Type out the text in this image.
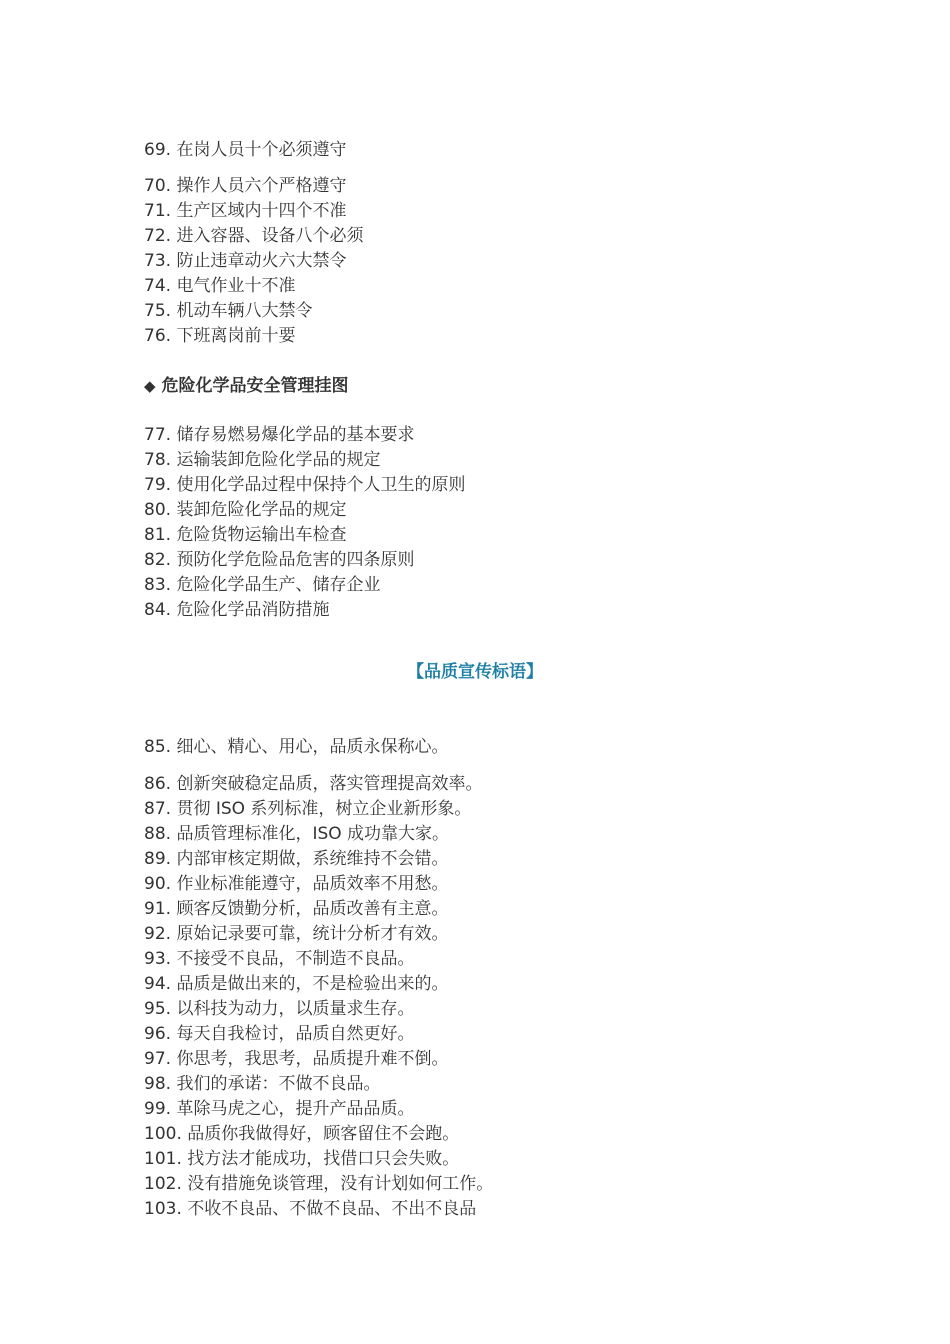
69. 在岗人员十个必须遵守
70. 操作人员六个严格遵守
71. 生产区域内十四个不准
72. 进入容器、设备八个必须
73. 防止违章动火六大禁令
74. 电气作业十不准
75. 机动车辆八大禁令
76. 下班离岗前十要
◆ 危险化学品安全管理挂图
77. 储存易燃易爆化学品的基本要求
78. 运输装卸危险化学品的规定
79. 使用化学品过程中保持个人卫生的原则
80. 装卸危险化学品的规定
81. 危险货物运输出车检查
82. 预防化学危险品危害的四条原则
83. 危险化学品生产、储存企业
84. 危险化学品消防措施
【品质宣传标语】
85. 细心、精心、用心，品质永保称心。
86. 创新突破稳定品质，落实管理提高效率。
87. 贯彻 ISO 系列标准，树立企业新形象。
88. 品质管理标准化，ISO 成功靠大家。
89. 内部审核定期做，系统维持不会错。
90. 作业标准能遵守，品质效率不用愁。
91. 顾客反馈勤分析，品质改善有主意。
92. 原始记录要可靠，统计分析才有效。
93. 不接受不良品，不制造不良品。
94. 品质是做出来的，不是检验出来的。
95. 以科技为动力，以质量求生存。
96. 每天自我检讨，品质自然更好。
97. 你思考，我思考，品质提升难不倒。
98. 我们的承诺：不做不良品。
99. 革除马虎之心，提升产品品质。
100. 品质你我做得好，顾客留住不会跑。
101. 找方法才能成功，找借口只会失败。
102. 没有措施免谈管理，没有计划如何工作。
103. 不收不良品、不做不良品、不出不良品
